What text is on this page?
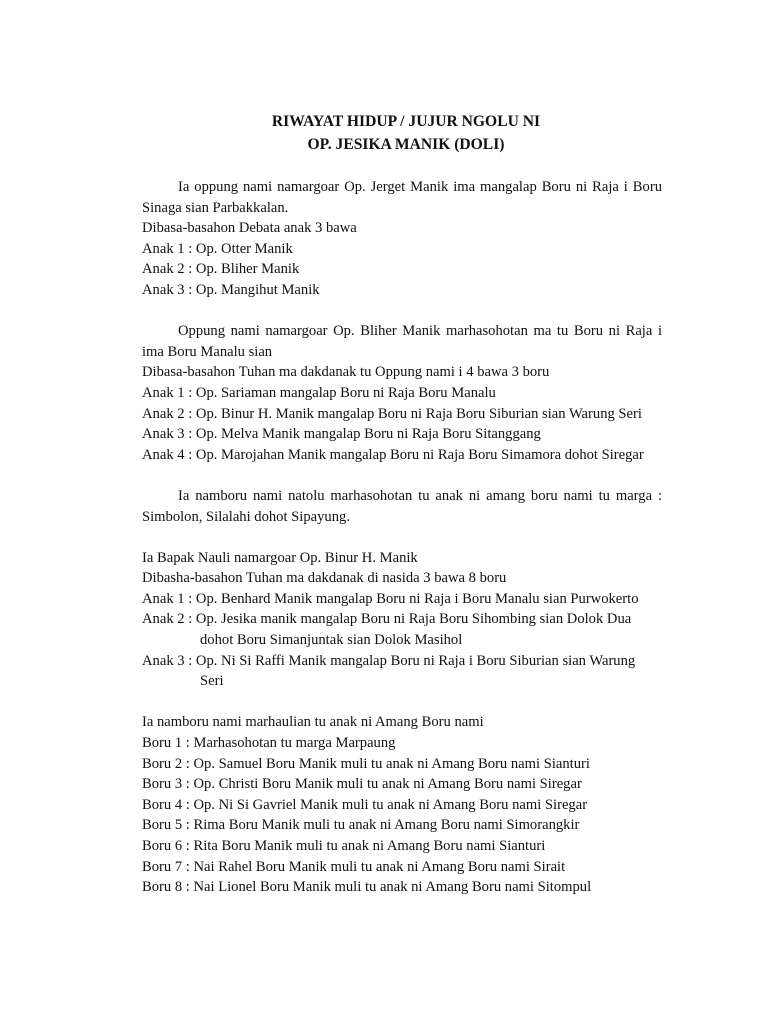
RIWAYAT HIDUP / JUJUR NGOLU NI

OP. JESIKA MANIK (DOLI)

Ia oppung nami namargoar Op. Jerget Manik ima mangalap Boru ni Raja i Boru Sinaga sian Parbakkalan.

Dibasa-basahon Debata anak 3 bawa

Anak 1 : Op. Otter Manik

Anak 2 : Op. Bliher Manik

Anak 3 : Op. Mangihut Manik

Oppung nami namargoar Op. Bliher Manik marhasohotan ma tu Boru ni Raja i ima Boru Manalu sian

Dibasa-basahon Tuhan ma dakdanak tu Oppung nami i 4 bawa 3 boru

Anak 1 : Op. Sariaman mangalap Boru ni Raja Boru Manalu

Anak 2 : Op. Binur H. Manik mangalap Boru ni Raja Boru Siburian sian Warung Seri

Anak 3 : Op. Melva Manik mangalap Boru ni Raja Boru Sitanggang

Anak 4 : Op. Marojahan Manik mangalap Boru ni Raja Boru Simamora dohot Siregar

Ia namboru nami natolu marhasohotan tu anak ni amang boru nami tu marga : Simbolon, Silalahi dohot Sipayung.

Ia Bapak Nauli namargoar Op. Binur H. Manik

Dibasha-basahon Tuhan ma dakdanak di nasida 3 bawa 8 boru

Anak 1 : Op. Benhard Manik mangalap Boru ni Raja i Boru Manalu sian Purwokerto

Anak 2 : Op. Jesika manik mangalap Boru ni Raja Boru Sihombing sian Dolok Dua

dohot Boru Simanjuntak sian Dolok Masihol

Anak 3 : Op. Ni Si Raffi Manik mangalap Boru ni Raja i Boru Siburian sian Warung

Seri

Ia namboru nami marhaulian tu anak ni Amang Boru nami

Boru 1 : Marhasohotan tu marga Marpaung

Boru 2 : Op. Samuel Boru Manik muli tu anak ni Amang Boru nami Sianturi

Boru 3 : Op. Christi Boru Manik muli tu anak ni Amang Boru nami Siregar

Boru 4 : Op. Ni Si Gavriel Manik muli tu anak ni Amang Boru nami Siregar

Boru 5 : Rima Boru Manik muli tu anak ni Amang Boru nami Simorangkir

Boru 6 : Rita Boru Manik muli tu anak ni Amang Boru nami Sianturi

Boru 7 : Nai Rahel Boru Manik muli tu anak ni Amang Boru nami Sirait

Boru 8 : Nai Lionel Boru Manik muli tu anak ni Amang Boru nami Sitompul
